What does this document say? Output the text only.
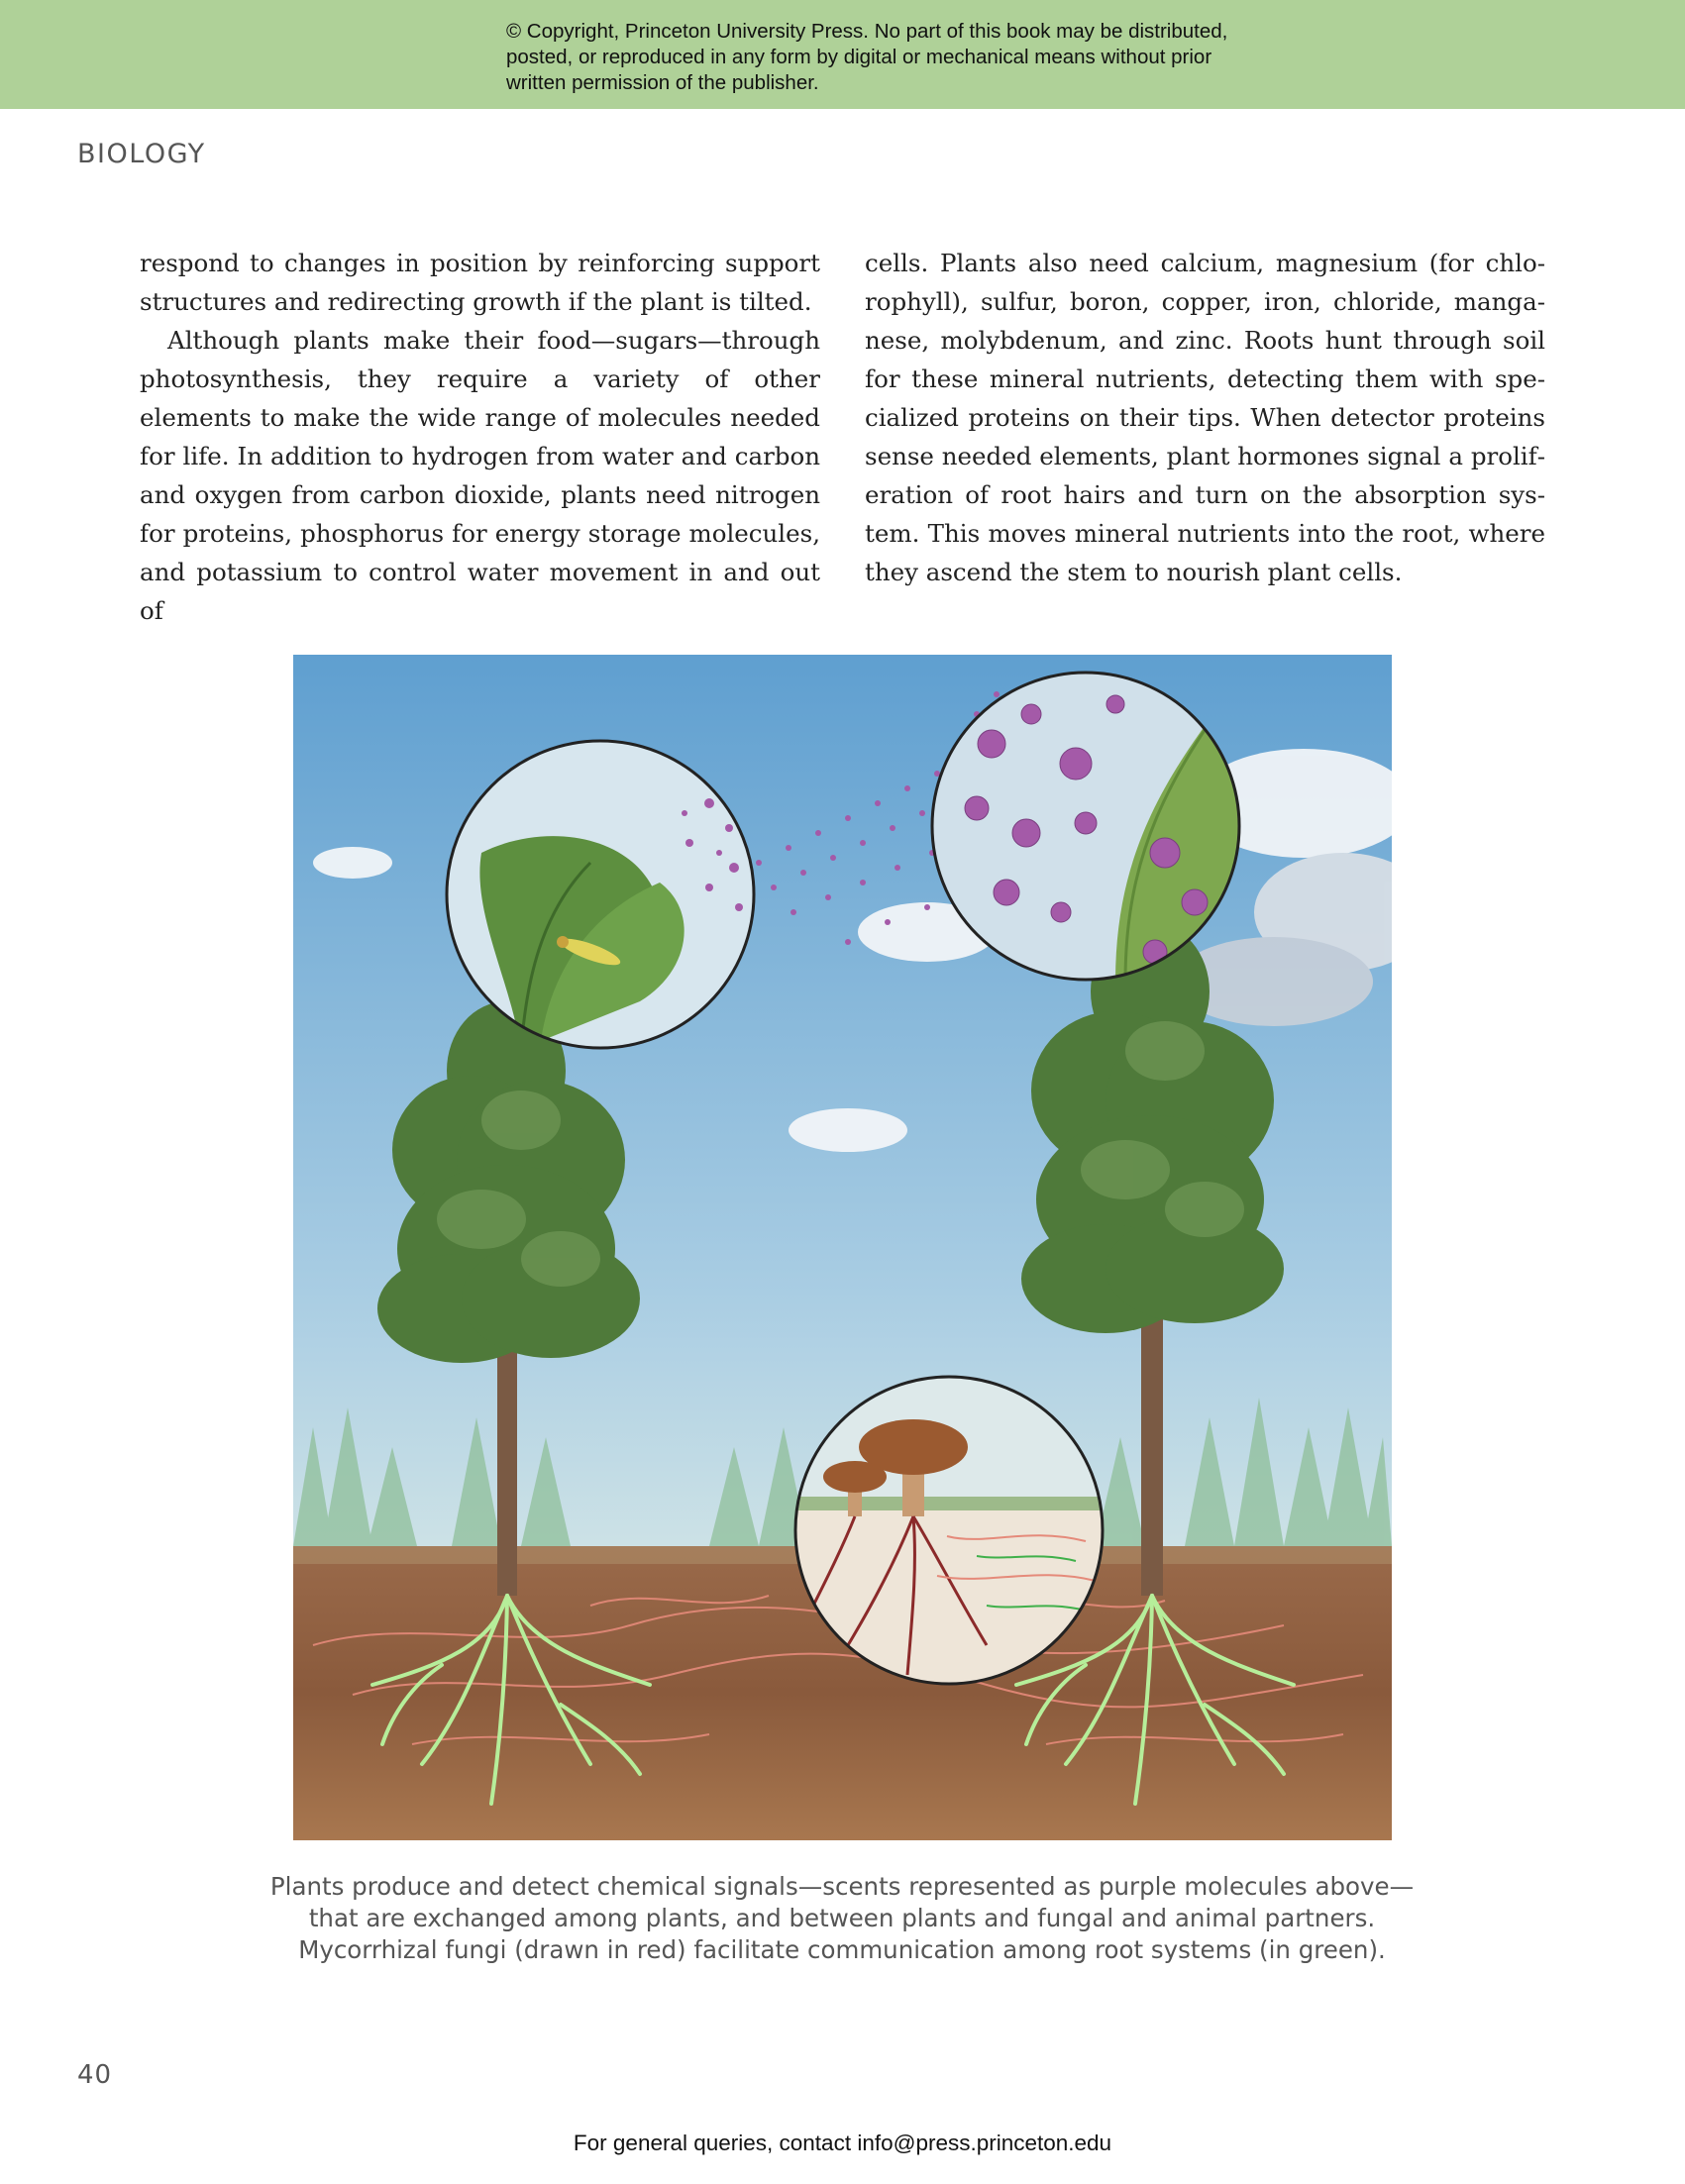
© Copyright, Princeton University Press. No part of this book may be distributed, posted, or reproduced in any form by digital or mechanical means without prior written permission of the publisher.

BIOLOGY

respond to changes in position by reinforcing support structures and redirecting growth if the plant is tilted.

Although plants make their food—sugars—through photosynthesis, they require a variety of other elements to make the wide range of molecules needed for life. In addition to hydrogen from water and carbon and oxygen from carbon dioxide, plants need nitrogen for proteins, phosphorus for energy storage molecules, and potassium to control water movement in and out of

cells. Plants also need calcium, magnesium (for chlorophyll), sulfur, boron, copper, iron, chloride, manganese, molybdenum, and zinc. Roots hunt through soil for these mineral nutrients, detecting them with specialized proteins on their tips. When detector proteins sense needed elements, plant hormones signal a proliferation of root hairs and turn on the absorption system. This moves mineral nutrients into the root, where they ascend the stem to nourish plant cells.

Plants produce and detect chemical signals—scents represented as purple molecules above—
that are exchanged among plants, and between plants and fungal and animal partners.
Mycorrhizal fungi (drawn in red) facilitate communication among root systems (in green).

40
For general queries, contact info@press.princeton.edu
